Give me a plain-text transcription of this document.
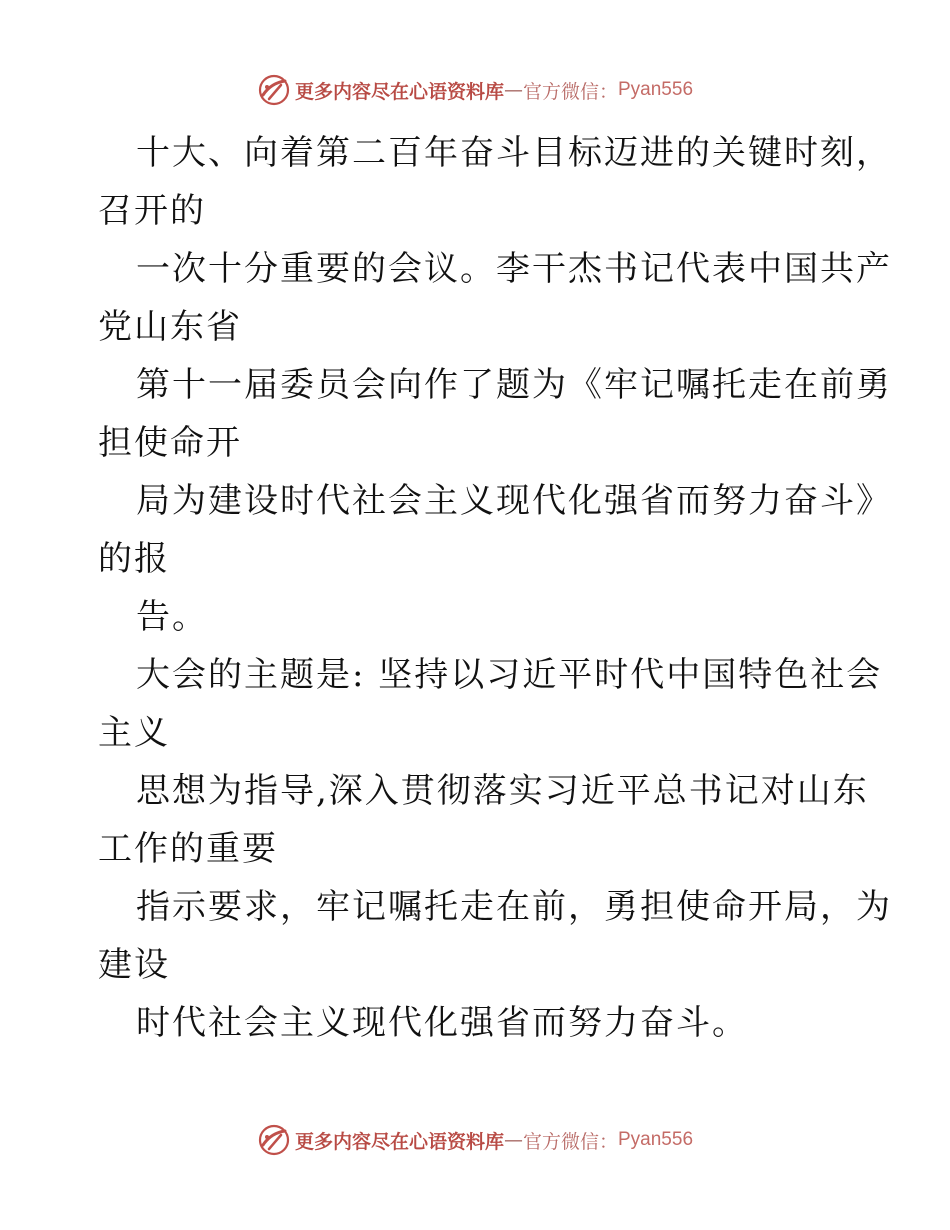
更多内容尽在心语资料库 — 官方微信： Pyan556
十大、向着第二百年奋斗目标迈进的关键时刻，
召开的
一次十分重要的会议。李干杰书记代表中国共产
党山东省
第十一届委员会向作了题为《牢记嘱托走在前勇
担使命开
局为建设时代社会主义现代化强省而努力奋斗》
的报
告。
大会的主题是: 坚持以习近平时代中国特色社会
主义
思想为指导,深入贯彻落实习近平总书记对山东
工作的重要
指示要求，牢记嘱托走在前，勇担使命开局，为
建设
时代社会主义现代化强省而努力奋斗。
更多内容尽在心语资料库 — 官方微信： Pyan556
